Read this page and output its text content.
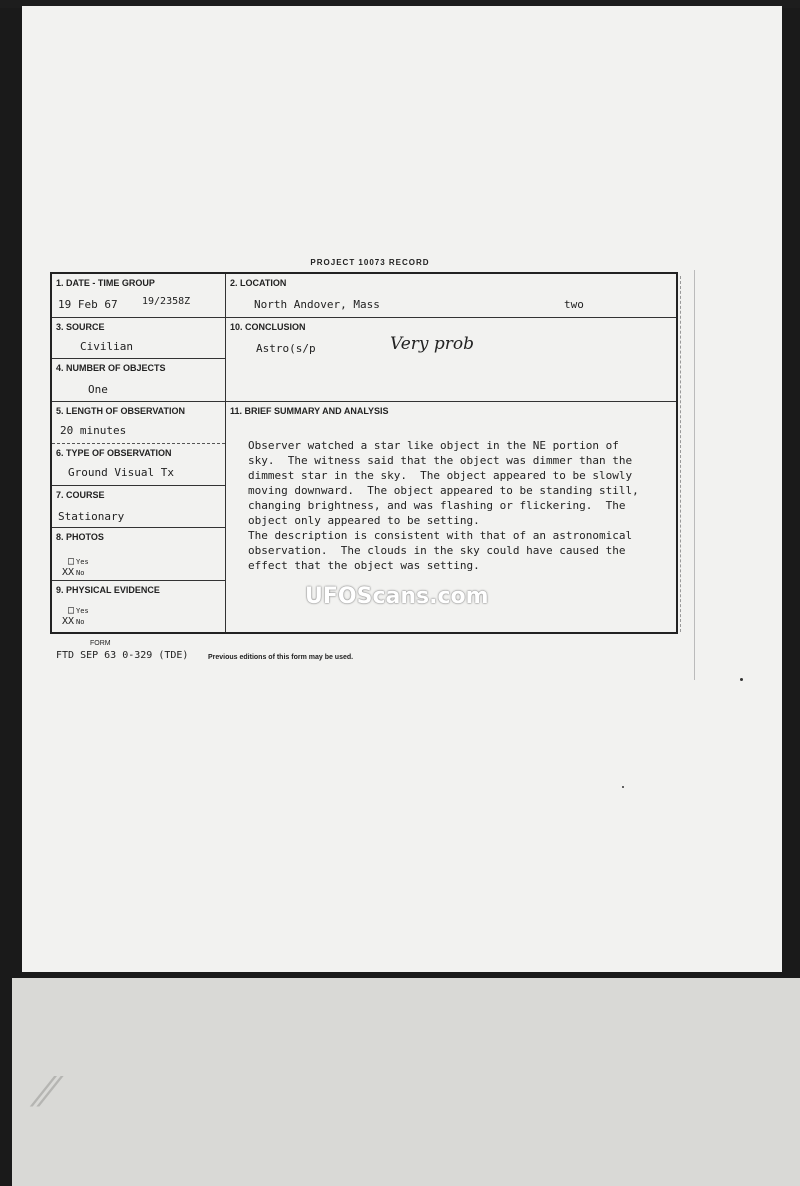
⁄⁄
PROJECT 10073 RECORD
1. DATE - TIME GROUP
19 Feb 67 19/2358Z
3. SOURCE
Civilian
4. NUMBER OF OBJECTS
One
5. LENGTH OF OBSERVATION
20 minutes
6. TYPE OF OBSERVATION
Ground Visual Tx
7. COURSE
Stationary
8. PHOTOS
□ Yes
XX No
9. PHYSICAL EVIDENCE
□ Yes
XX No
2. LOCATION
North Andover, Mass	two
10. CONCLUSION
Astro(s/p	Very prob
11. BRIEF SUMMARY AND ANALYSIS
Observer watched a star like object in the NE portion of
sky.  The witness said that the object was dimmer than the
dimmest star in the sky.  The object appeared to be slowly
moving downward.  The object appeared to be standing still,
changing brightness, and was flashing or flickering.  The
object only appeared to be setting.
The description is consistent with that of an astronomical
observation.  The clouds in the sky could have caused the
effect that the object was setting.
FORM
FTD SEP 63 0-329 (TDE)	Previous editions of this form may be used.
UFOScans.com
